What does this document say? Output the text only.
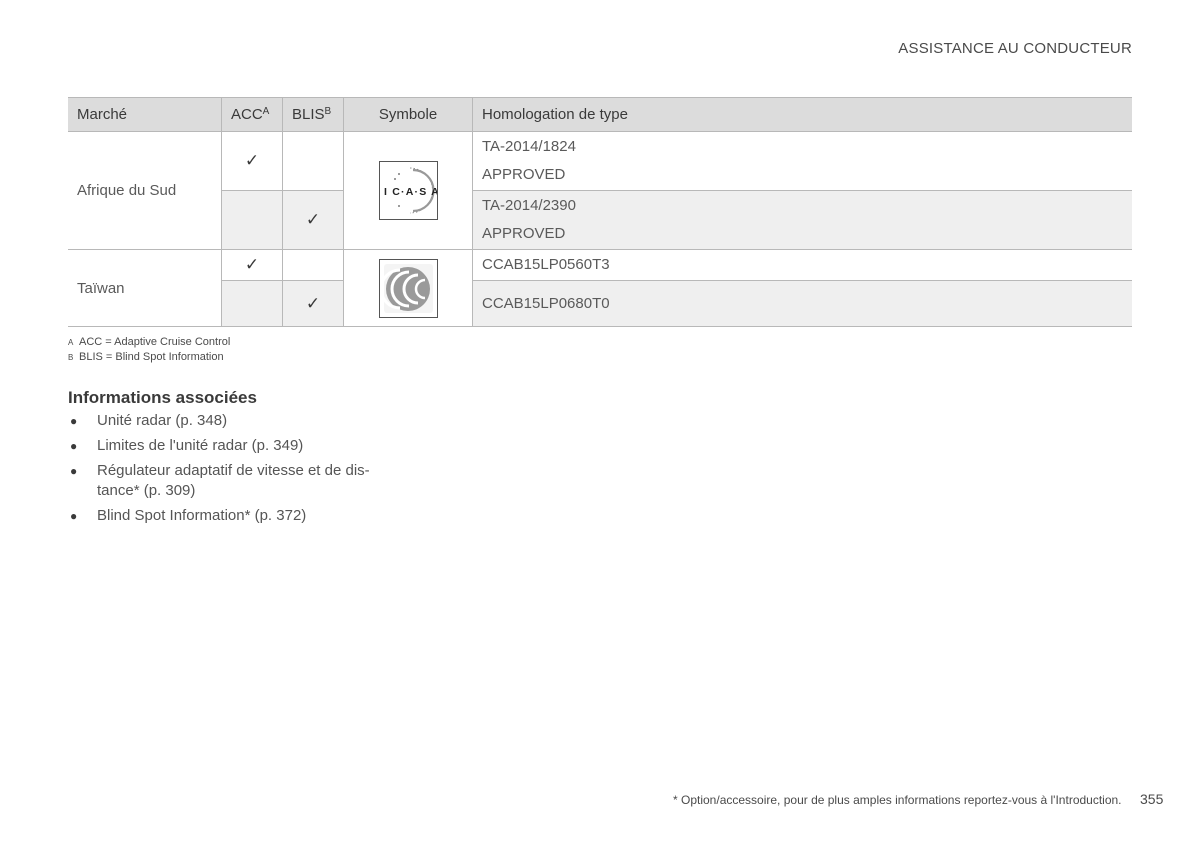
ASSISTANCE AU CONDUCTEUR
Marché	$ACC^A$	$BLIS^B$	Symbole	Homologation de type
Afrique du Sud	✓		I C·A·S A	TA-2014/1824
APPROVED

		✓		TA-2014/2390
APPROVED

Taïwan	✓			CCAB15LP0560T3

		✓		CCAB15LP0680T0
A ACC = Adaptive Cruise Control
B BLIS = Blind Spot Information
Informations associées
● Unité radar (p. 348)
● Limites de l'unité radar (p. 349)
● Régulateur adaptatif de vitesse et de dis-
tance* (p. 309)
● Blind Spot Information* (p. 372)
* Option/accessoire, pour de plus amples informations reportez-vous à l'Introduction. 355
